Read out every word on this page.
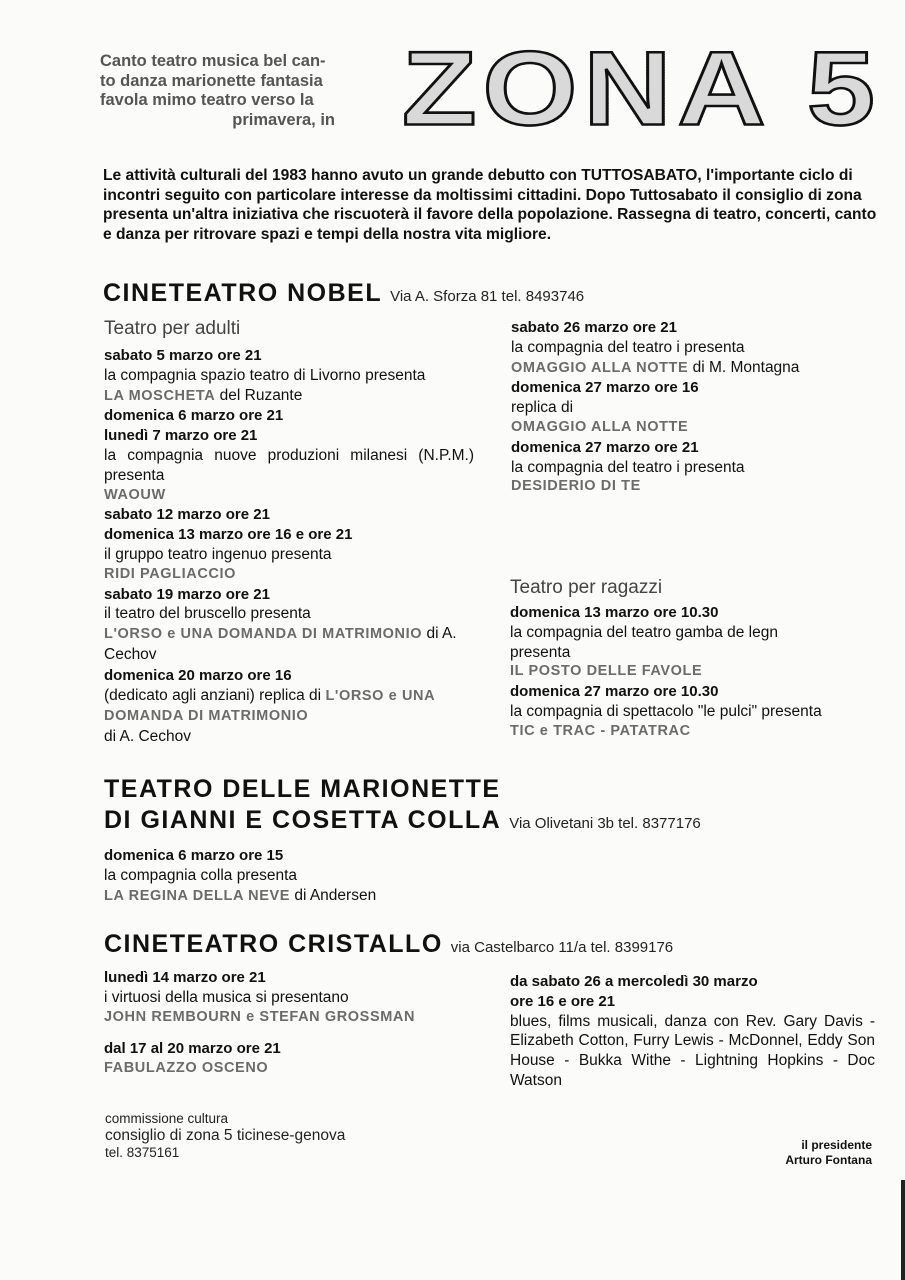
Canto teatro musica bel can-
to danza marionette fantasia
favola mimo teatro verso la
primavera, in ZONA 5
Le attività culturali del 1983 hanno avuto un grande debutto con TUTTOSABATO, l'importante ciclo di incontri seguito con particolare interesse da moltissimi cittadini. Dopo Tuttosabato il consiglio di zona presenta un'altra iniziativa che riscuoterà il favore della popolazione. Rassegna di teatro, concerti, canto e danza per ritrovare spazi e tempi della nostra vita migliore.
CINETEATRO NOBEL Via A. Sforza 81 tel. 8493746
Teatro per adulti
sabato 5 marzo ore 21
la compagnia spazio teatro di Livorno presenta
LA MOSCHETA del Ruzante
domenica 6 marzo ore 21
lunedì 7 marzo ore 21
la compagnia nuove produzioni milanesi (N.P.M.) presenta
WAOUW
sabato 12 marzo ore 21
domenica 13 marzo ore 16 e ore 21
il gruppo teatro ingenuo presenta
RIDI PAGLIACCIO
sabato 19 marzo ore 21
il teatro del bruscello presenta
L'ORSO e UNA DOMANDA DI MATRIMONIO di A. Cechov
domenica 20 marzo ore 16
(dedicato agli anziani) replica di L'ORSO e UNA DOMANDA DI MATRIMONIO
di A. Cechov
sabato 26 marzo ore 21
la compagnia del teatro i presenta
OMAGGIO ALLA NOTTE di M. Montagna
domenica 27 marzo ore 16
replica di
OMAGGIO ALLA NOTTE
domenica 27 marzo ore 21
la compagnia del teatro i presenta
DESIDERIO DI TE
Teatro per ragazzi
domenica 13 marzo ore 10.30
la compagnia del teatro gamba de legn presenta
IL POSTO DELLE FAVOLE
domenica 27 marzo ore 10.30
la compagnia di spettacolo "le pulci" presenta
TIC e TRAC - PATATRAC
TEATRO DELLE MARIONETTE
DI GIANNI E COSETTA COLLA Via Olivetani 3b tel. 8377176
domenica 6 marzo ore 15
la compagnia colla presenta
LA REGINA DELLA NEVE di Andersen
CINETEATRO CRISTALLO via Castelbarco 11/a tel. 8399176
lunedì 14 marzo ore 21
i virtuosi della musica si presentano
JOHN REMBOURN e STEFAN GROSSMAN
dal 17 al 20 marzo ore 21
FABULAZZO OSCENO
da sabato 26 a mercoledì 30 marzo
ore 16 e ore 21
blues, films musicali, danza con Rev. Gary Davis - Elizabeth Cotton, Furry Lewis - McDonnel, Eddy Son House - Bukka Withe - Lightning Hopkins - Doc Watson
commissione cultura
consiglio di zona 5 ticinese-genova
tel. 8375161	il presidente
Arturo Fontana
